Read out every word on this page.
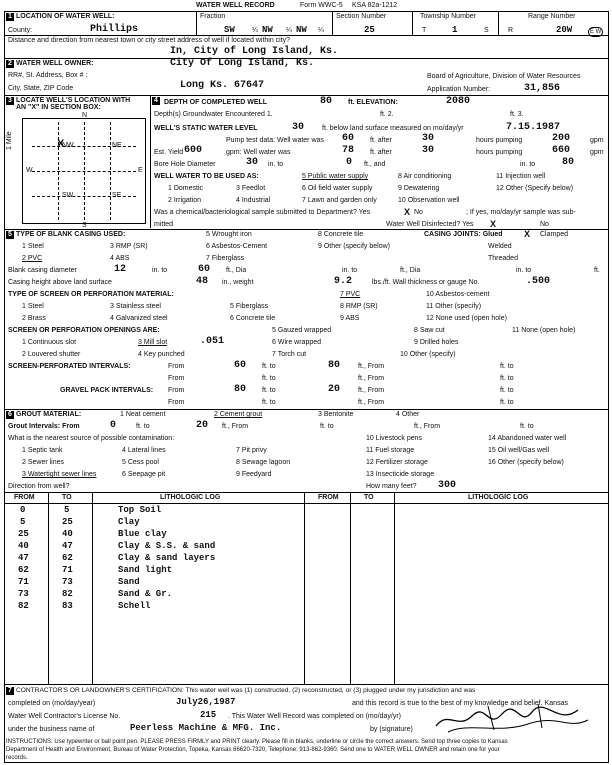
WATER WELL RECORD	Form WWC-5 KSA 82a-1212
1 LOCATION OF WATER WELL:	Fraction	Section Number	Township Number	Range Number
County:	Phillips	SW ¼ NW ¼ NW ¼	25	T	1	S	R	20W	E W
Distance and direction from nearest town or city street address of well if located within city?
In, City of Long Island, Ks.
2 WATER WELL OWNER:	City Of Long Island, Ks.
RR#, St. Address, Box # :
City, State, ZIP Code	Long Ks. 67647
Board of Agriculture, Division of Water Resources
Application Number:	31,856
3 LOCATE WELL'S LOCATION WITH
AN "X" IN SECTION BOX:
N
S
W	E
1 Mile	NW	NE
SW	SE
X
4 DEPTH OF COMPLETED WELL	80 ft. ELEVATION:	2080
Depth(s) Groundwater Encountered 1.	ft. 2.	ft. 3.
WELL'S STATIC WATER LEVEL	30	ft. below land surface measured on mo/day/yr	7.15.1987
Pump test data: Well water was 60 ft. after	30	hours pumping	200	gpm
Est. Yield 600	gpm: Well water was	78 ft. after	30	hours pumping	660	gpm
Bore Hole Diameter	30 in. to	0 ft., and	in. to	80
WELL WATER TO BE USED AS:	5 Public water supply	8 Air conditioning	11 Injection well
1 Domestic	3 Feedlot	6 Oil field water supply	9 Dewatering	12 Other (Specify below)
2 Irrigation	4 Industrial	7 Lawn and garden only	10 Observation well
Was a chemical/bacteriological sample submitted to Department? Yes	X No	; If yes, mo/day/yr sample was sub-
mitted	Water Well Disinfected? Yes X	No
5 TYPE OF BLANK CASING USED:	5 Wrought iron	8 Concrete tile	CASING JOINTS: Glued X Clamped
1 Steel	3 RMP (SR)	6 Asbestos-Cement	9 Other (specify below)	Welded
2 PVC	4 ABS	7 Fiberglass	Threaded
Blank casing diameter	12	in. to	60 ft., Dia	in. to	ft., Dia	in. to	ft.
Casing height above land surface	48 in., weight	9.2	lbs./ft. Wall thickness or gauge No.	.500
TYPE OF SCREEN OR PERFORATION MATERIAL:	7 PVC	10 Asbestos-cement
1 Steel	3 Stainless steel	5 Fiberglass	8 RMP (SR)	11 Other (specify)
2 Brass	4 Galvanized steel	6 Concrete tile	9 ABS	12 None used (open hole)
SCREEN OR PERFORATION OPENINGS ARE:	5 Gauzed wrapped	8 Saw cut	11 None (open hole)
1 Continuous slot	3 Mill slot	.051	6 Wire wrapped	9 Drilled holes
2 Louvered shutter	4 Key punched	7 Torch cut	10 Other (specify)
SCREEN-PERFORATED INTERVALS:	From	60 ft. to	80	ft., From	ft. to
From	ft. to	ft., From	ft. to
GRAVEL PACK INTERVALS: From	80 ft. to	20	ft., From	ft. to
From	ft. to	ft., From	ft. to
6 GROUT MATERIAL:	1 Neat cement	2 Cement grout	3 Bentonite	4 Other
Grout Intervals: From	0	ft. to	20 ft., From	ft. to	ft., From	ft. to
What is the nearest source of possible contamination:	10 Livestock pens	14 Abandoned water well
1 Septic tank	4 Lateral lines	7 Pit privy	11 Fuel storage	15 Oil well/Gas well
2 Sewer lines	5 Cess pool	8 Sewage lagoon	12 Fertilizer storage	16 Other (specify below)
3 Watertight sewer lines	6 Seepage pit	9 Feedyard	13 Insecticide storage
Direction from well?	How many feet? 300
FROM	TO	LITHOLOGIC LOG	FROM	TO	LITHOLOGIC LOG
0	5	Top Soil
5	25	Clay
25	40	Blue clay
40	47	Clay & S.S. & sand
47	62	Clay & sand layers
62	71	Sand light
71	73	Sand
73	82	Sand & Gr.
82	83	Schell
7 CONTRACTOR'S OR LANDOWNER'S CERTIFICATION: This water well was (1) constructed, (2) reconstructed, or (3) plugged under my jurisdiction and was
completed on (mo/day/year)	July26,1987	and this record is true to the best of my knowledge and belief. Kansas
Water Well Contractor's License No.	215 . This Water Well Record was completed on (mo/day/yr)
under the business name of	Peerless Machine & MFG. Inc.	by (signature)
INSTRUCTIONS: Use typewriter or ball point pen. PLEASE PRESS FIRMLY and PRINT clearly. Please fill in blanks, underline or circle the correct answers. Send top three copies to Kansas
Department of Health and Environment, Bureau of Water Protection, Topeka, Kansas 66620-7320, Telephone: 913-862-9360. Send one to WATER WELL OWNER and retain one for your
records.
